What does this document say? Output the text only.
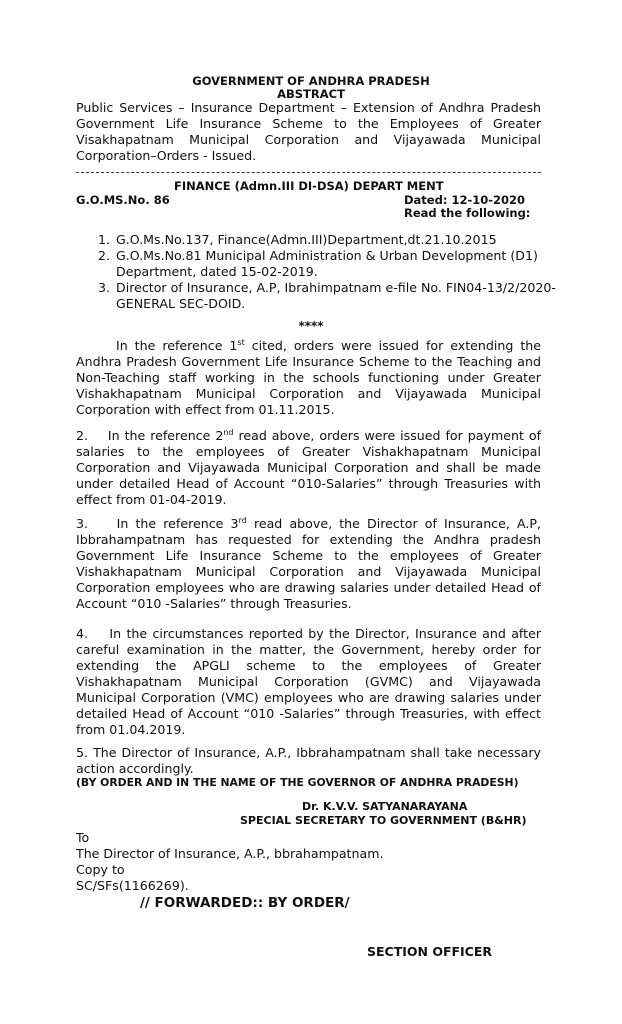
GOVERNMENT OF ANDHRA PRADESH
ABSTRACT

Public Services – Insurance Department – Extension of Andhra Pradesh Government Life Insurance Scheme to the Employees of Greater Visakhapatnam Municipal Corporation and Vijayawada Municipal Corporation–Orders - Issued.

FINANCE (Admn.III DI-DSA) DEPART MENT
G.O.MS.No. 86	Dated: 12-10-2020
Read the following:
1. G.O.Ms.No.137, Finance(Admn.III)Department,dt.21.10.2015
2. G.O.Ms.No.81 Municipal Administration & Urban Development (D1) Department, dated 15-02-2019.
3. Director of Insurance, A.P, Ibrahimpatnam e-file No. FIN04-13/2/2020-GENERAL SEC-DOID.
****

In the reference 1st cited, orders were issued for extending the Andhra Pradesh Government Life Insurance Scheme to the Teaching and Non-Teaching staff working in the schools functioning under Greater Vishakhapatnam Municipal Corporation and Vijayawada Municipal Corporation with effect from 01.11.2015.

2.    In the reference 2nd read above, orders were issued for payment of salaries to the employees of Greater Vishakhapatnam Municipal Corporation and Vijayawada Municipal Corporation and shall be made under detailed Head of Account “010-Salaries” through Treasuries with effect from 01-04-2019.

3.    In the reference 3rd read above, the Director of Insurance, A.P, Ibbrahampatnam has requested for extending the Andhra pradesh Government Life Insurance Scheme to the employees of Greater Vishakhapatnam Municipal Corporation and Vijayawada Municipal Corporation employees who are drawing salaries under detailed Head of Account “010 -Salaries” through Treasuries.

4.    In the circumstances reported by the Director, Insurance and after careful examination in the matter, the Government, hereby order for extending the APGLI scheme to the employees of Greater Vishakhapatnam Municipal Corporation (GVMC) and Vijayawada Municipal Corporation (VMC) employees who are drawing salaries under detailed Head of Account “010 -Salaries” through Treasuries, with effect from 01.04.2019.

5. The Director of Insurance, A.P., Ibbrahampatnam shall take necessary action accordingly.

(BY ORDER AND IN THE NAME OF THE GOVERNOR OF ANDHRA PRADESH)
Dr. K.V.V. SATYANARAYANA
SPECIAL SECRETARY TO GOVERNMENT (B&HR)
To
The Director of Insurance, A.P., bbrahampatnam.
Copy to
SC/SFs(1166269).
// FORWARDED:: BY ORDER/
SECTION OFFICER
